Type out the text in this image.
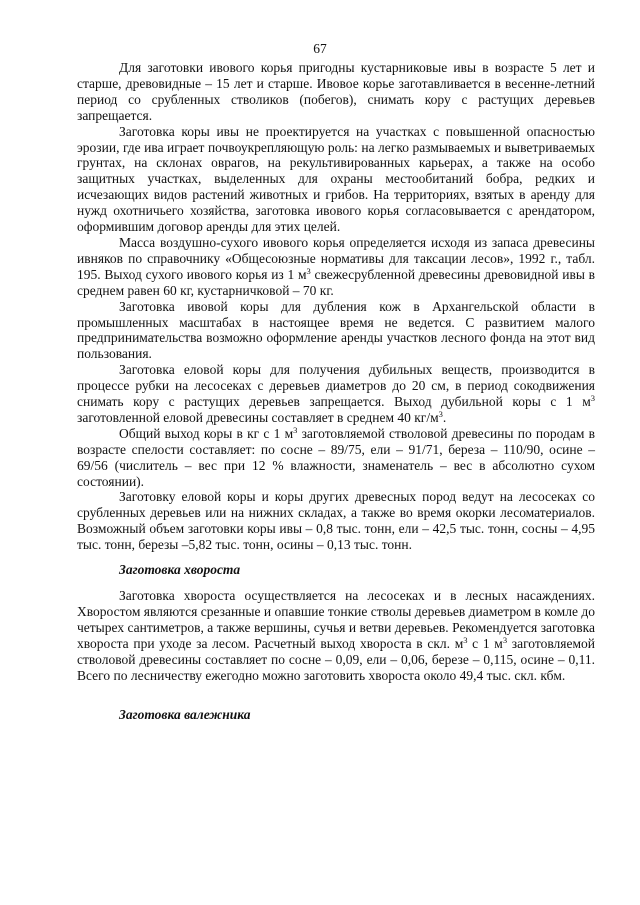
67

Для заготовки ивового корья пригодны кустарниковые ивы в возрасте 5 лет и старше, древовидные – 15 лет и старше. Ивовое корье заготавливается в весенне-летний период со срубленных стволиков (побегов), снимать кору с растущих деревьев запрещается.

Заготовка коры ивы не проектируется на участках с повышенной опасностью эрозии, где ива играет почвоукрепляющую роль: на легко размываемых и выветриваемых грунтах, на склонах оврагов, на рекультивированных карьерах, а также на особо защитных участках, выделенных для охраны местообитаний бобра, редких и исчезающих видов растений животных и грибов. На территориях, взятых в аренду для нужд охотничьего хозяйства, заготовка ивового корья согласовывается с арендатором, оформившим договор аренды для этих целей.

Масса воздушно-сухого ивового корья определяется исходя из запаса древесины ивняков по справочнику «Общесоюзные нормативы для таксации лесов», 1992 г., табл. 195. Выход сухого ивового корья из 1 $м^3$ свежесрубленной древесины древовидной ивы в среднем равен 60 кг, кустарничковой – 70 кг.

Заготовка ивовой коры для дубления кож в Архангельской области в промышленных масштабах в настоящее время не ведется. С развитием малого предпринимательства возможно оформление аренды участков лесного фонда на этот вид пользования.

Заготовка еловой коры для получения дубильных веществ, производится в процессе рубки на лесосеках с деревьев диаметров до 20 см, в период сокодвижения снимать кору с растущих деревьев запрещается. Выход дубильной коры с 1 $м^3$ заготовленной еловой древесины составляет в среднем 40 $кг/м^3$.

Общий выход коры в кг с 1 $м^3$ заготовляемой стволовой древесины по породам в возрасте спелости составляет: по сосне – 89/75, ели – 91/71, береза – 110/90, осине – 69/56 (числитель – вес при 12 % влажности, знаменатель – вес в абсолютно сухом состоянии).

Заготовку еловой коры и коры других древесных пород ведут на лесосеках со срубленных деревьев или на нижних складах, а также во время окорки лесоматериалов. Возможный объем заготовки коры ивы – 0,8 тыс. тонн, ели – 42,5 тыс. тонн, сосны – 4,95 тыс. тонн, березы –5,82 тыс. тонн, осины – 0,13 тыс. тонн.

Заготовка хвороста

Заготовка хвороста осуществляется на лесосеках и в лесных насаждениях. Хворостом являются срезанные и опавшие тонкие стволы деревьев диаметром в комле до четырех сантиметров, а также вершины, сучья и ветви деревьев. Рекомендуется заготовка хвороста при уходе за лесом. Расчетный выход хвороста в скл. $м^3$ с 1 $м^3$ заготовляемой стволовой древесины составляет по сосне – 0,09, ели – 0,06, березе – 0,115, осине – 0,11. Всего по лесничеству ежегодно можно заготовить хвороста около 49,4 тыс. скл. кбм.

Заготовка валежника
